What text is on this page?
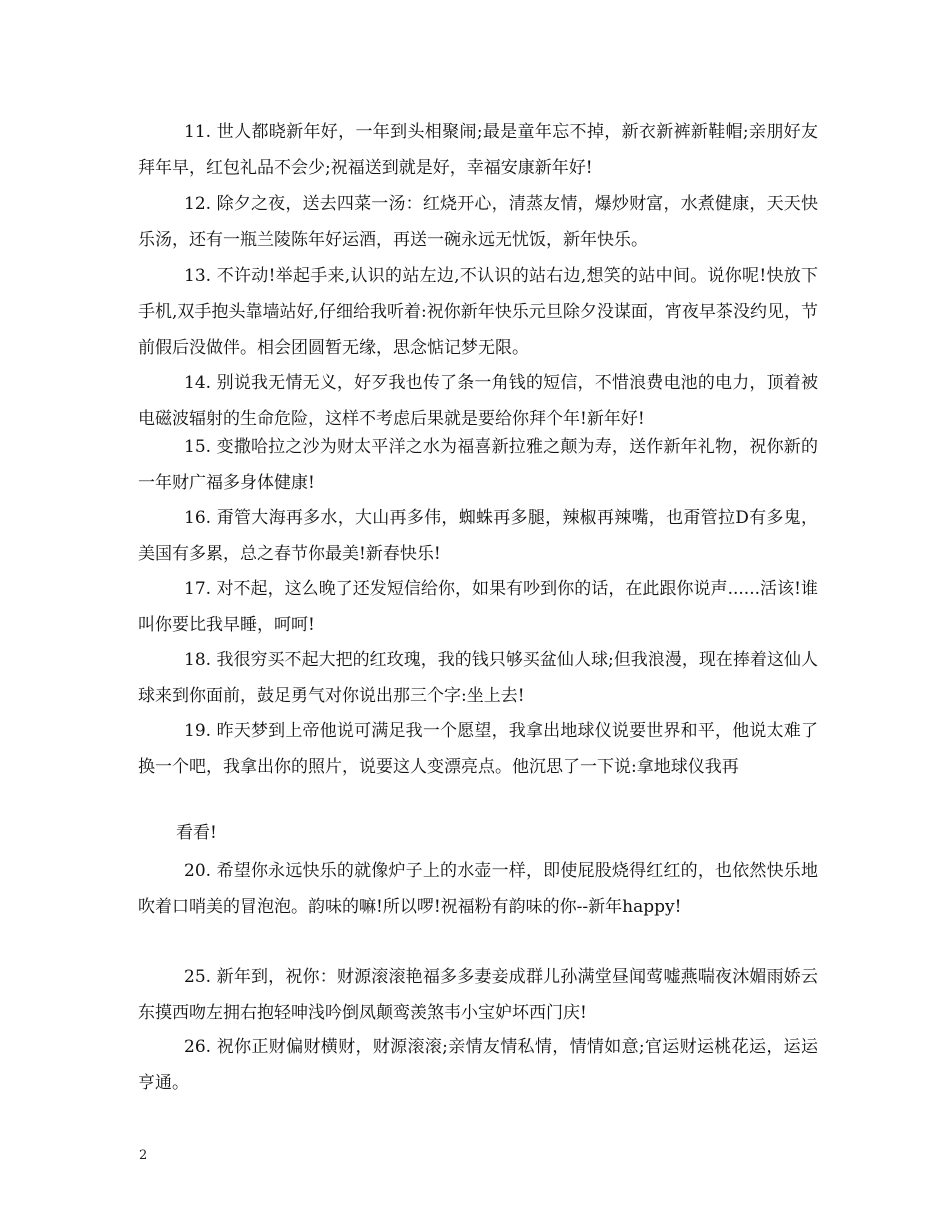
11. 世人都晓新年好，一年到头相聚闹;最是童年忘不掉，新衣新裤新鞋帽;亲朋好友拜年早，红包礼品不会少;祝福送到就是好，幸福安康新年好!

12. 除夕之夜，送去四菜一汤：红烧开心，清蒸友情，爆炒财富，水煮健康，天天快乐汤，还有一瓶兰陵陈年好运酒，再送一碗永远无忧饭，新年快乐。

13. 不许动!举起手来,认识的站左边,不认识的站右边,想笑的站中间。说你呢!快放下手机,双手抱头靠墙站好,仔细给我听着:祝你新年快乐元旦除夕没谋面，宵夜早茶没约见，节前假后没做伴。相会团圆暂无缘，思念惦记梦无限。

14. 别说我无情无义，好歹我也传了条一角钱的短信，不惜浪费电池的电力，顶着被电磁波辐射的生命危险，这样不考虑后果就是要给你拜个年!新年好!

15. 变撒哈拉之沙为财太平洋之水为福喜新拉雅之颠为寿，送作新年礼物，祝你新的一年财广福多身体健康!

16. 甭管大海再多水，大山再多伟，蜘蛛再多腿，辣椒再辣嘴，也甭管拉D有多鬼，美国有多累，总之春节你最美!新春快乐!

17. 对不起，这么晚了还发短信给你，如果有吵到你的话，在此跟你说声......活该!谁叫你要比我早睡，呵呵!

18. 我很穷买不起大把的红玫瑰，我的钱只够买盆仙人球;但我浪漫，现在捧着这仙人球来到你面前，鼓足勇气对你说出那三个字:坐上去!

19. 昨天梦到上帝他说可满足我一个愿望，我拿出地球仪说要世界和平，他说太难了换一个吧，我拿出你的照片，说要这人变漂亮点。他沉思了一下说:拿地球仪我再

看看!

20. 希望你永远快乐的就像炉子上的水壶一样，即使屁股烧得红红的，也依然快乐地吹着口哨美的冒泡泡。韵味的嘛!所以啰!祝福粉有韵味的你--新年happy!

25. 新年到，祝你：财源滚滚艳福多多妻妾成群儿孙满堂昼闻莺嘘燕喘夜沐媚雨娇云东摸西吻左拥右抱轻呻浅吟倒凤颠鸾羡煞韦小宝妒坏西门庆!

26. 祝你正财偏财横财，财源滚滚;亲情友情私情，情情如意;官运财运桃花运，运运亨通。

2
